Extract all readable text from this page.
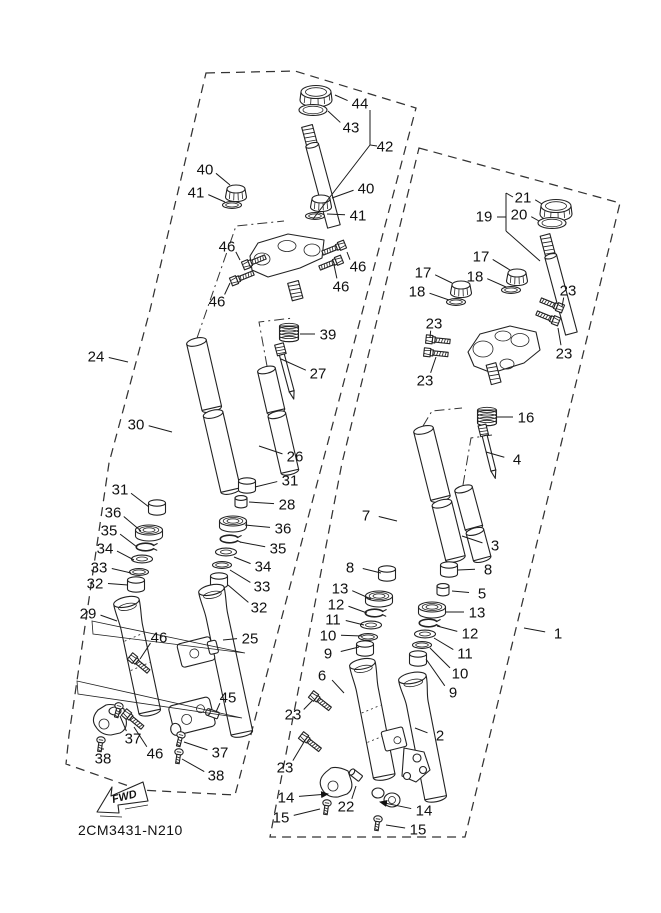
44
43
42
40
41	40
41
46
46
46
46
39
27
24
30
26
31
31
36	28
35	36
34	35
33	34
32	33
29	32
46	25
45
37
46
38	37
38
21
20
19
17
18
17
18	23
23
23
23
16
4
7
3
8	8
13	5
12	13
11
12
10
11
9
10
6
9
2
23
23
1
14
15
22	14
15
FWD
2CM3431-N210
